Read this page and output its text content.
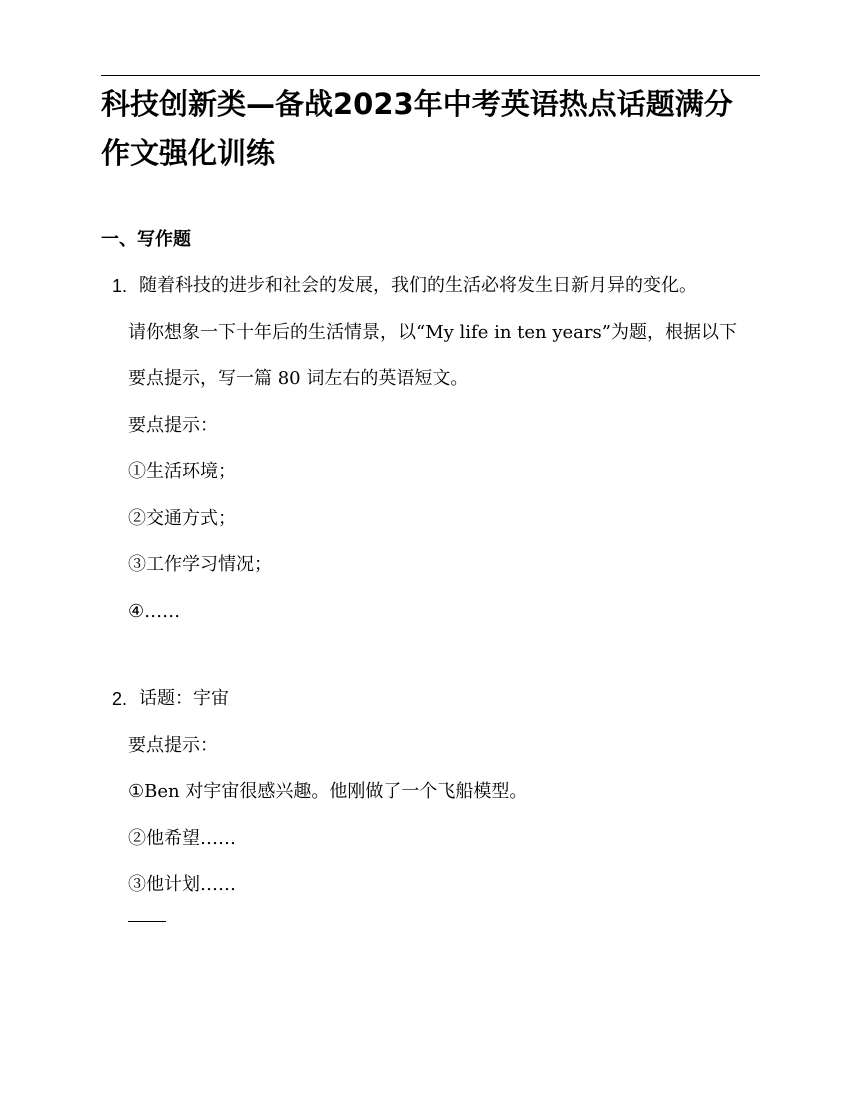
科技创新类—备战2023年中考英语热点话题满分作文强化训练
一、写作题
1. 随着科技的进步和社会的发展，我们的生活必将发生日新月异的变化。
请你想象一下十年后的生活情景，以“My life in ten years”为题，根据以下
要点提示，写一篇 80 词左右的英语短文。
要点提示：
①生活环境；
②交通方式；
③工作学习情况；
④……
2. 话题：宇宙
要点提示：
①Ben 对宇宙很感兴趣。他刚做了一个飞船模型。
②他希望……
③他计划……
